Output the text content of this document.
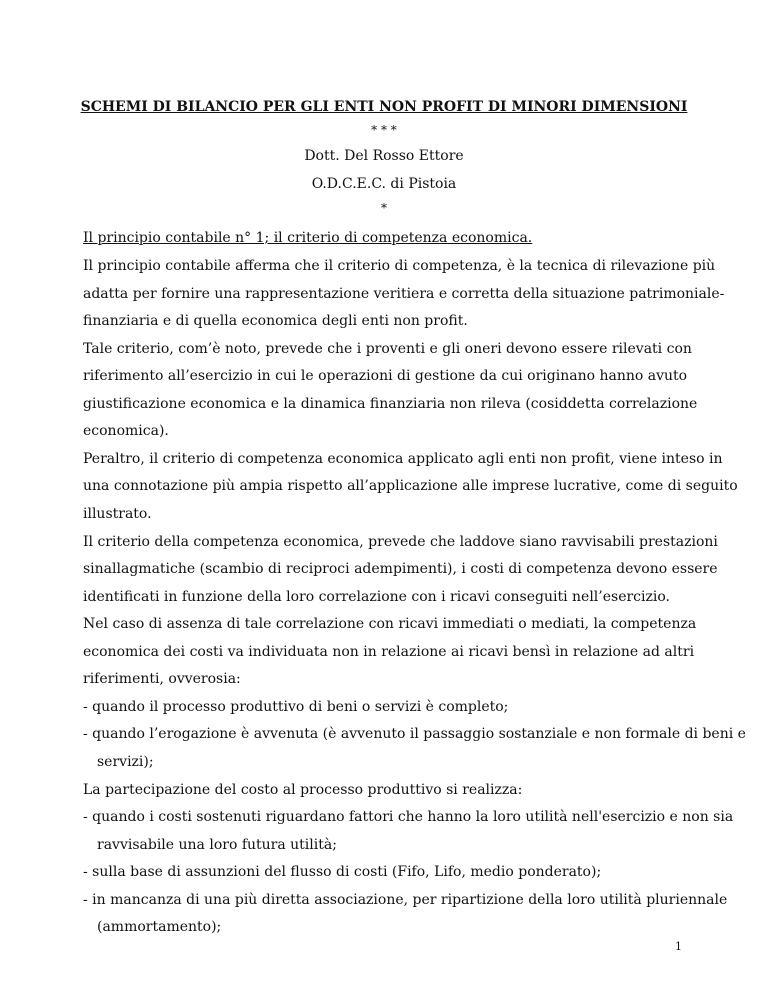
SCHEMI DI BILANCIO PER GLI ENTI NON PROFIT DI MINORI DIMENSIONI
* * *
Dott. Del Rosso Ettore
O.D.C.E.C. di Pistoia
*
Il principio contabile n° 1; il criterio di competenza economica.
Il principio contabile afferma che il criterio di competenza, è la tecnica di rilevazione più
adatta per fornire una rappresentazione veritiera e corretta della situazione patrimoniale-
finanziaria e di quella economica degli enti non profit.
Tale criterio, com’è noto, prevede che i proventi e gli oneri devono essere rilevati con
riferimento all’esercizio in cui le operazioni di gestione da cui originano hanno avuto
giustificazione economica e la dinamica finanziaria non rileva (cosiddetta correlazione
economica).
Peraltro, il criterio di competenza economica applicato agli enti non profit, viene inteso in
una connotazione più ampia rispetto all’applicazione alle imprese lucrative, come di seguito
illustrato.
Il criterio della competenza economica, prevede che laddove siano ravvisabili prestazioni
sinallagmatiche (scambio di reciproci adempimenti), i costi di competenza devono essere
identificati in funzione della loro correlazione con i ricavi conseguiti nell’esercizio.
Nel caso di assenza di tale correlazione con ricavi immediati o mediati, la competenza
economica dei costi va individuata non in relazione ai ricavi bensì in relazione ad altri
riferimenti, ovverosia:
- quando il processo produttivo di beni o servizi è completo;
- quando l’erogazione è avvenuta (è avvenuto il passaggio sostanziale e non formale di beni e
servizi);
La partecipazione del costo al processo produttivo si realizza:
- quando i costi sostenuti riguardano fattori che hanno la loro utilità nell'esercizio e non sia
ravvisabile una loro futura utilità;
- sulla base di assunzioni del flusso di costi (Fifo, Lifo, medio ponderato);
- in mancanza di una più diretta associazione, per ripartizione della loro utilità pluriennale
(ammortamento);
1
